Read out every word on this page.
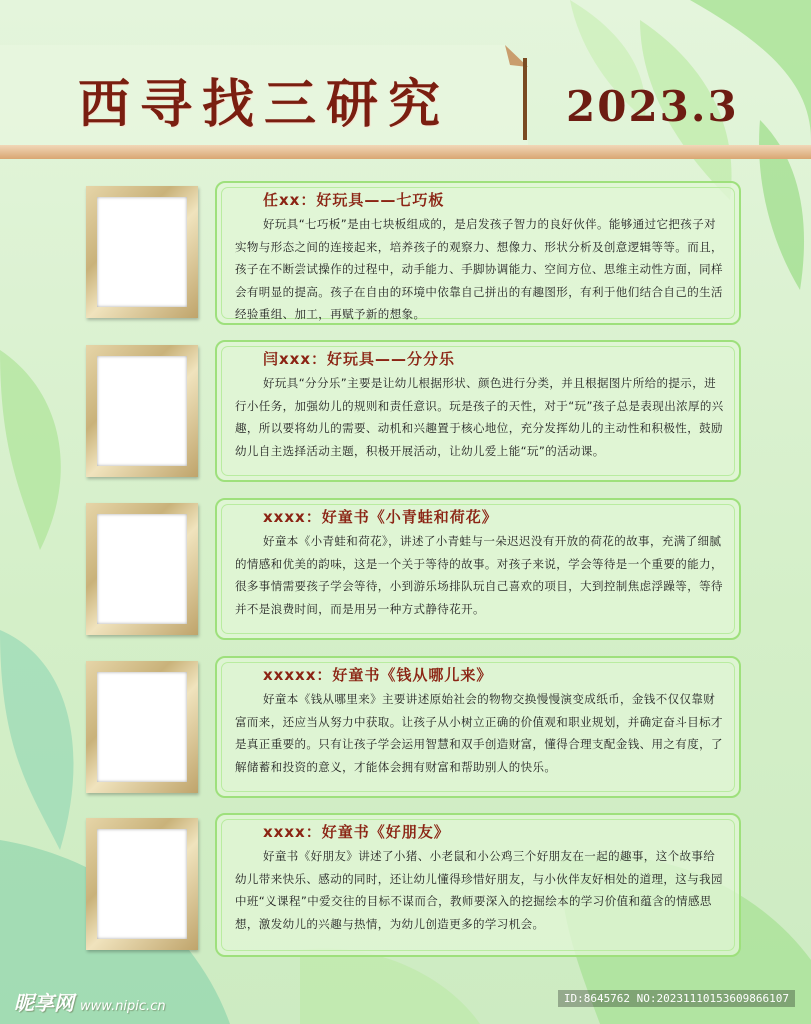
西寻找三研究	2023.3
任xx：好玩具——七巧板
好玩具“七巧板”是由七块板组成的，是启发孩子智力的良好伙伴。能够通过它把孩子对实物与形态之间的连接起来，培养孩子的观察力、想像力、形状分析及创意逻辑等等。而且，孩子在不断尝试操作的过程中，动手能力、手脚协调能力、空间方位、思维主动性方面，同样会有明显的提高。孩子在自由的环境中依靠自己拼出的有趣图形，有利于他们结合自己的生活经验重组、加工，再赋予新的想象。
闫xxx：好玩具——分分乐
好玩具“分分乐”主要是让幼儿根据形状、颜色进行分类，并且根据图片所给的提示，进行小任务，加强幼儿的规则和责任意识。玩是孩子的天性，对于“玩”孩子总是表现出浓厚的兴趣，所以要将幼儿的需要、动机和兴趣置于核心地位，充分发挥幼儿的主动性和积极性，鼓励幼儿自主选择活动主题，积极开展活动，让幼儿爱上能“玩”的活动课。
xxxx：好童书《小青蛙和荷花》
好童本《小青蛙和荷花》，讲述了小青蛙与一朵迟迟没有开放的荷花的故事，充满了细腻的情感和优美的韵味，这是一个关于等待的故事。对孩子来说，学会等待是一个重要的能力，很多事情需要孩子学会等待，小到游乐场排队玩自己喜欢的项目，大到控制焦虑浮躁等，等待并不是浪费时间，而是用另一种方式静待花开。
xxxxx：好童书《钱从哪儿来》
好童本《钱从哪里来》主要讲述原始社会的物物交换慢慢演变成纸币，金钱不仅仅靠财富而来，还应当从努力中获取。让孩子从小树立正确的价值观和职业规划，并确定奋斗目标才是真正重要的。只有让孩子学会运用智慧和双手创造财富，懂得合理支配金钱、用之有度，了解储蓄和投资的意义，才能体会拥有财富和帮助别人的快乐。
xxxx：好童书《好朋友》
好童书《好朋友》讲述了小猪、小老鼠和小公鸡三个好朋友在一起的趣事，这个故事给幼儿带来快乐、感动的同时，还让幼儿懂得珍惜好朋友，与小伙伴友好相处的道理，这与我园中班“义课程”中爱交往的目标不谋而合，教师要深入的挖掘绘本的学习价值和蕴含的情感思想，激发幼儿的兴趣与热情，为幼儿创造更多的学习机会。
昵享网 www.nipic.cn
ID:8645762 NO:20231110153609866107
